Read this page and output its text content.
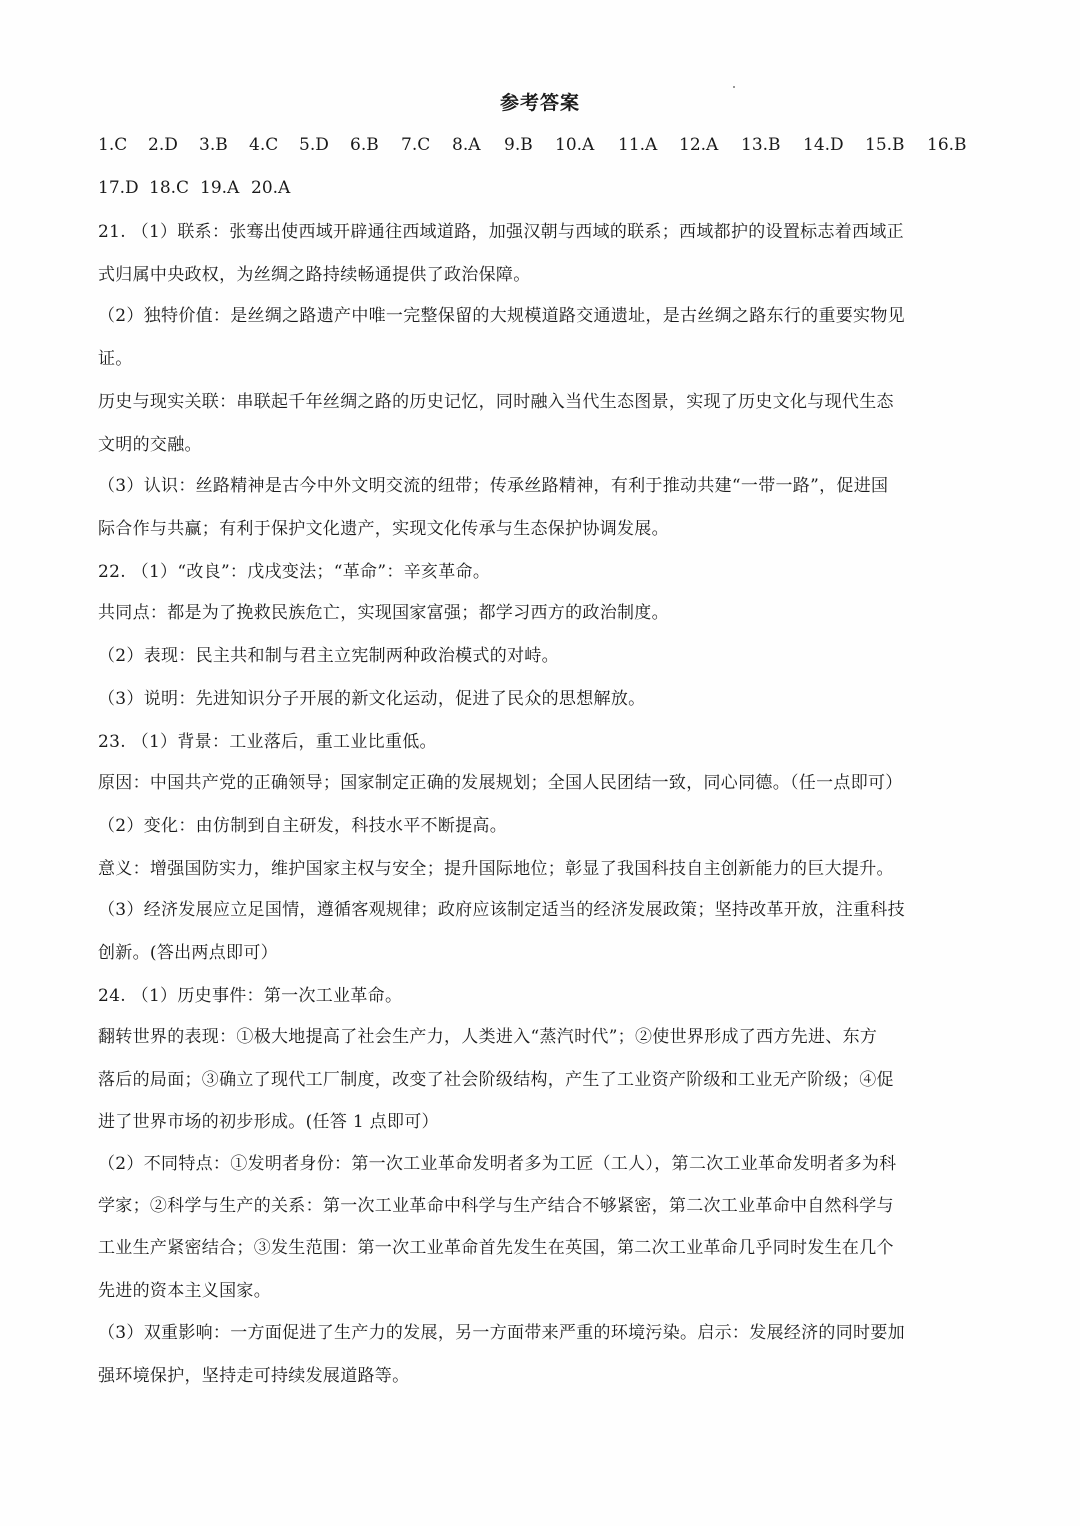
参考答案
1.C	2.D	3.B	4.C	5.D	6.B	7.C	8.A	9.B	10.A	11.A	12.A	13.B	14.D	15.B	16.B
17.D 18.C 19.A 20.A
21. （1）联系：张骞出使西域开辟通往西域道路，加强汉朝与西域的联系；西域都护的设置标志着西域正
式归属中央政权，为丝绸之路持续畅通提供了政治保障。
（2）独特价值：是丝绸之路遗产中唯一完整保留的大规模道路交通遗址，是古丝绸之路东行的重要实物见
证。
历史与现实关联：串联起千年丝绸之路的历史记忆，同时融入当代生态图景，实现了历史文化与现代生态
文明的交融。
（3）认识：丝路精神是古今中外文明交流的纽带；传承丝路精神，有利于推动共建“一带一路”，促进国
际合作与共赢；有利于保护文化遗产，实现文化传承与生态保护协调发展。
22. （1）“改良”：戊戌变法；“革命”：辛亥革命。
共同点：都是为了挽救民族危亡，实现国家富强；都学习西方的政治制度。
（2）表现：民主共和制与君主立宪制两种政治模式的对峙。
（3）说明：先进知识分子开展的新文化运动，促进了民众的思想解放。
23. （1）背景：工业落后，重工业比重低。
原因：中国共产党的正确领导；国家制定正确的发展规划；全国人民团结一致，同心同德。（任一点即可）
（2）变化：由仿制到自主研发，科技水平不断提高。
意义：增强国防实力，维护国家主权与安全；提升国际地位；彰显了我国科技自主创新能力的巨大提升。
（3）经济发展应立足国情，遵循客观规律；政府应该制定适当的经济发展政策；坚持改革开放，注重科技
创新。(答出两点即可）
24. （1）历史事件：第一次工业革命。
翻转世界的表现：①极大地提高了社会生产力，人类进入“蒸汽时代”；②使世界形成了西方先进、东方
落后的局面；③确立了现代工厂制度，改变了社会阶级结构，产生了工业资产阶级和工业无产阶级；④促
进了世界市场的初步形成。(任答 1 点即可）
（2）不同特点：①发明者身份：第一次工业革命发明者多为工匠（工人），第二次工业革命发明者多为科
学家；②科学与生产的关系：第一次工业革命中科学与生产结合不够紧密，第二次工业革命中自然科学与
工业生产紧密结合；③发生范围：第一次工业革命首先发生在英国，第二次工业革命几乎同时发生在几个
先进的资本主义国家。
（3）双重影响：一方面促进了生产力的发展，另一方面带来严重的环境污染。启示：发展经济的同时要加
强环境保护，坚持走可持续发展道路等。
